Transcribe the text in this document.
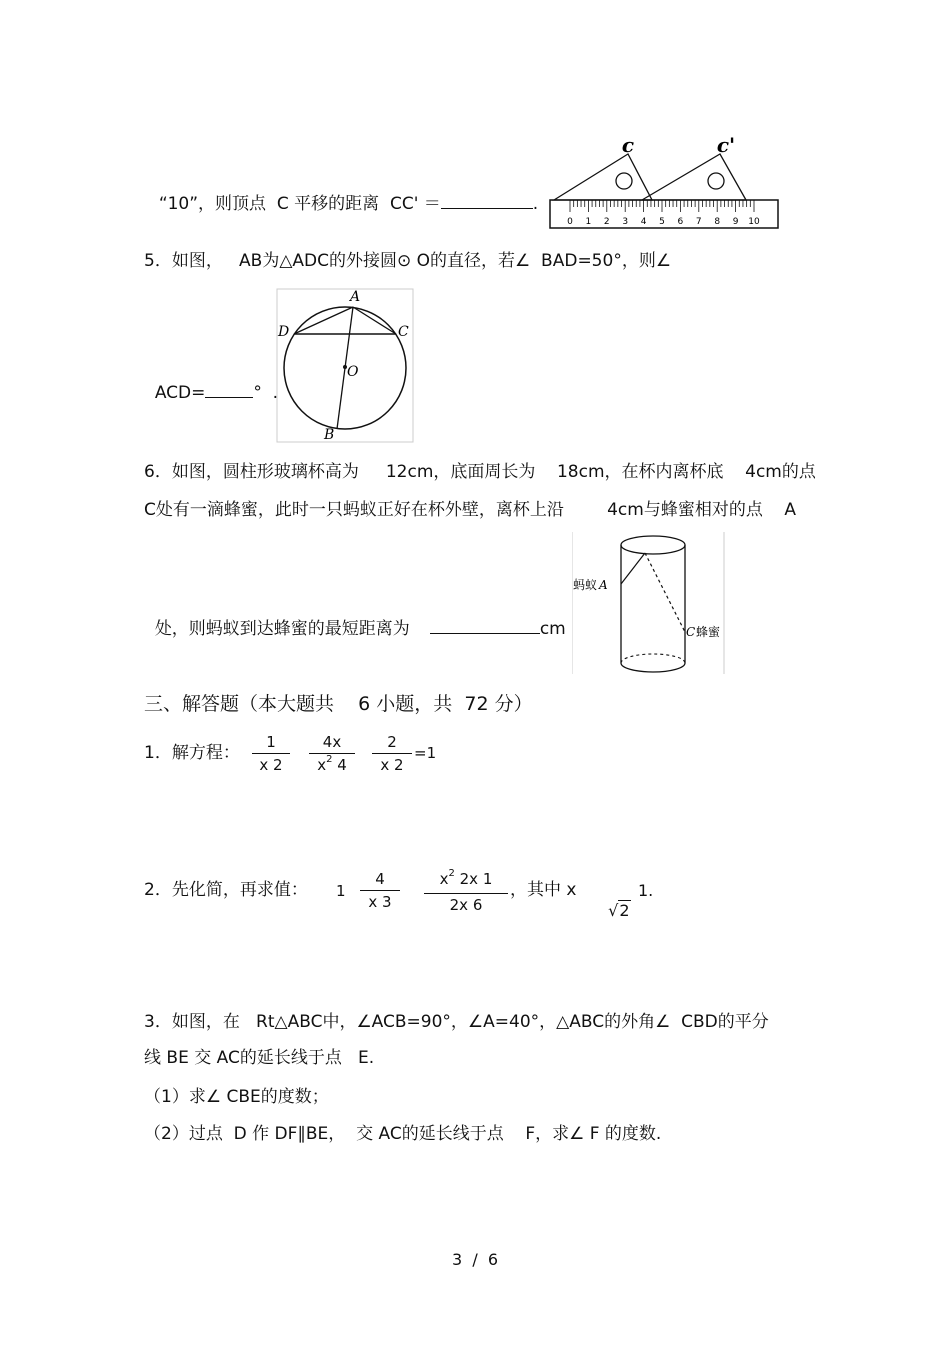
“10”，则顶点  C 平移的距离  CC' ＝	.

0 1 2 3 4 5 6 7 8 9 10
c	c'
5．如图，   AB为△ADC的外接圆⊙ O的直径，若∠  BAD=50°，则∠

ACD=	°  .

A
D	C
O
B
6．如图，圆柱形玻璃杯高为     12cm，底面周长为    18cm，在杯内离杯底    4cm的点
C处有一滴蜂蜜，此时一只蚂蚁正好在杯外壁，离杯上沿        4cm与蜂蜜相对的点    A

处，则蚂蚁到达蜂蜜的最短距离为	cm

蚂蚁 A
C 蜂蜜
三、解答题（本大题共    6 小题，共  72 分）
1．解方程：
1
x 2
4x
$x^2$ 4
2
x 2
=1
2．先化简，再求值： 1
4
x 3
$x^2$ 2x 1
2x 6
，其中 x

√2

1.
3．如图，在   Rt△ABC中，∠ACB=90°，∠A=40°，△ABC的外角∠  CBD的平分
线 BE 交 AC的延长线于点   E.
（1）求∠ CBE的度数；
（2）过点  D 作 DF∥BE，  交 AC的延长线于点    F，求∠ F 的度数.
3  /  6
